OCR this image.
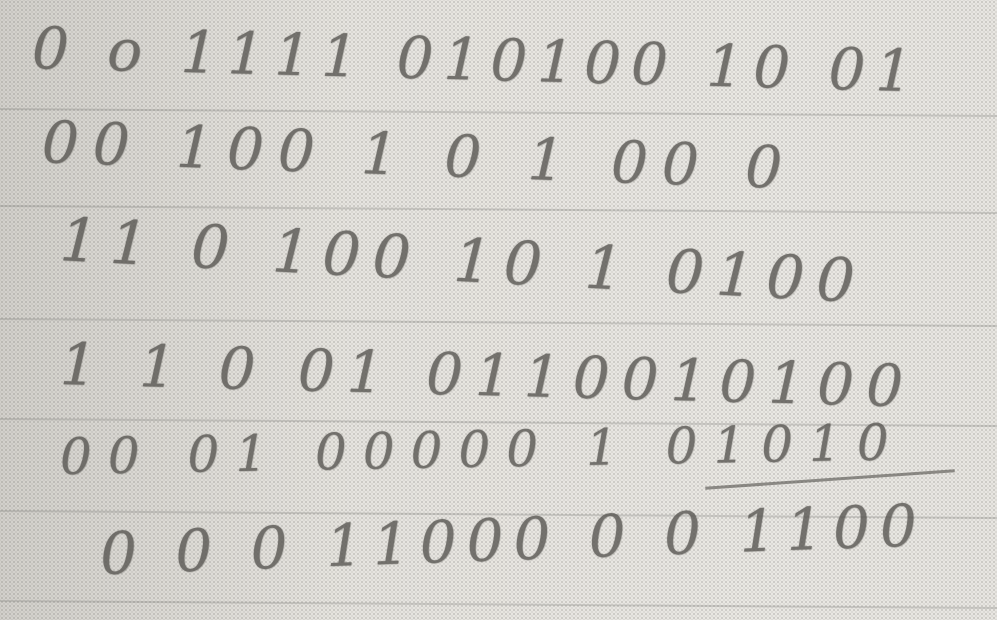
0 o 1111 010100 10 01
00 100 1 0 1 00 0
11 0 100 10 1 0100
1 1 0 01 0110010100
00 01 00000 1 01010
0 0 0 11000 0 0 1100
